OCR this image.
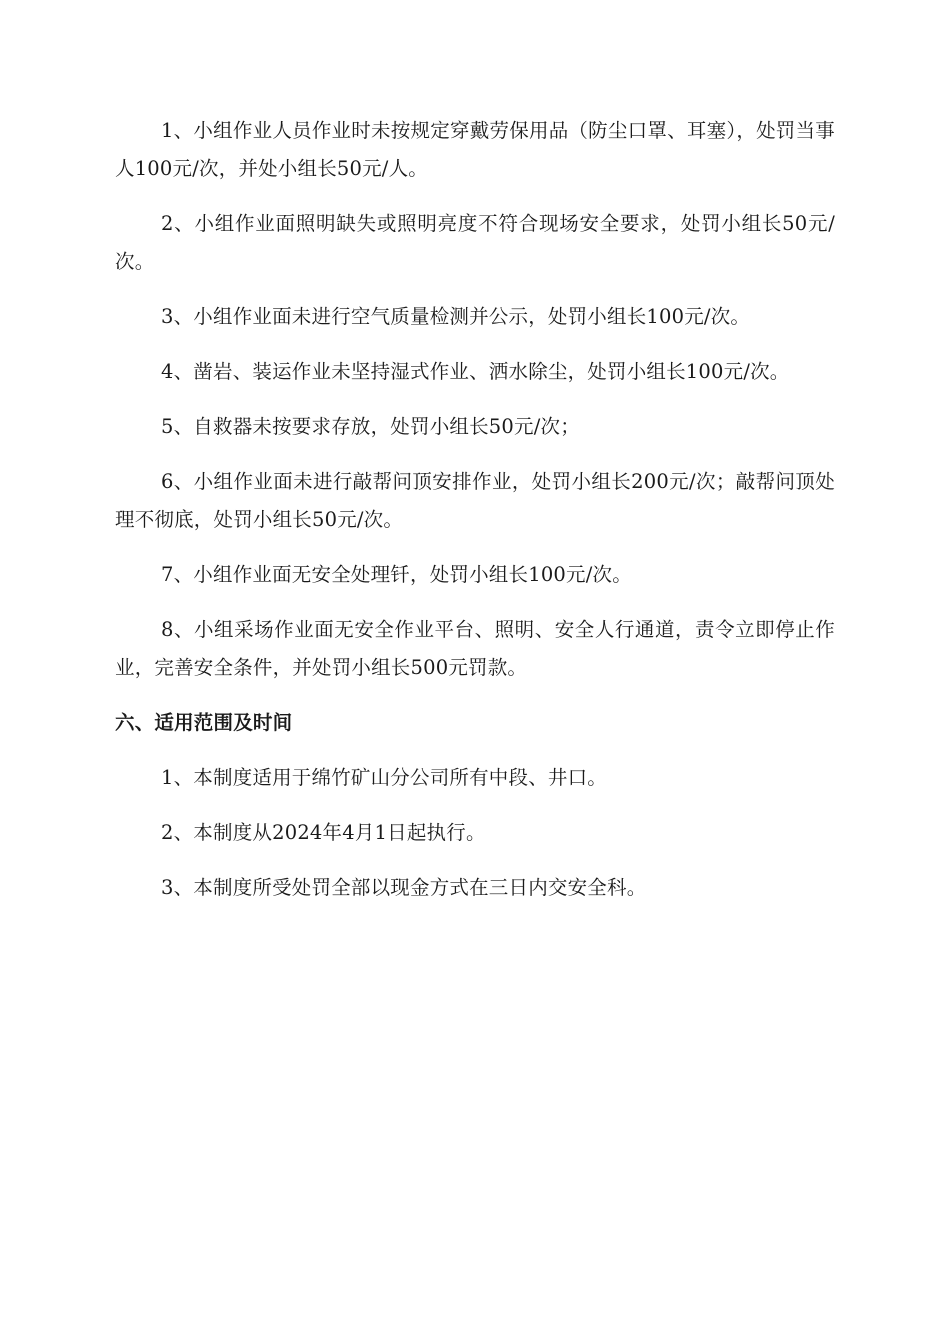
1、小组作业人员作业时未按规定穿戴劳保用品（防尘口罩、耳塞），处罚当事人100元/次，并处小组长50元/人。

2、小组作业面照明缺失或照明亮度不符合现场安全要求，处罚小组长50元/次。

3、小组作业面未进行空气质量检测并公示，处罚小组长100元/次。

4、凿岩、装运作业未坚持湿式作业、洒水除尘，处罚小组长100元/次。

5、自救器未按要求存放，处罚小组长50元/次；

6、小组作业面未进行敲帮问顶安排作业，处罚小组长200元/次；敲帮问顶处理不彻底，处罚小组长50元/次。

7、小组作业面无安全处理钎，处罚小组长100元/次。

8、小组采场作业面无安全作业平台、照明、安全人行通道，责令立即停止作业，完善安全条件，并处罚小组长500元罚款。

六、适用范围及时间

1、本制度适用于绵竹矿山分公司所有中段、井口。

2、本制度从2024年4月1日起执行。

3、本制度所受处罚全部以现金方式在三日内交安全科。
